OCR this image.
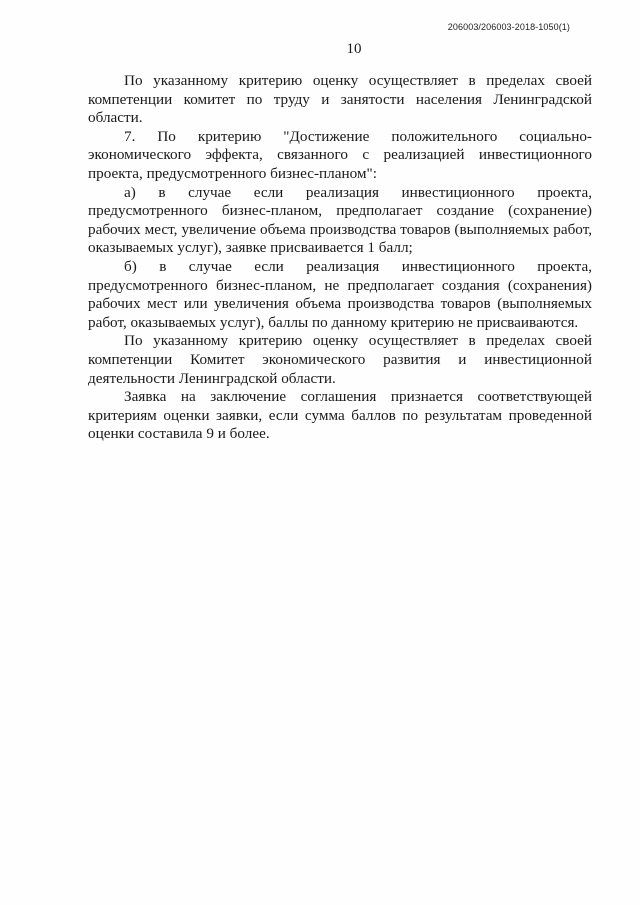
206003/206003-2018-1050(1)
10

По указанному критерию оценку осуществляет в пределах своей компетенции комитет по труду и занятости населения Ленинградской области.

7. По критерию "Достижение положительного социально-экономического эффекта, связанного с реализацией инвестиционного проекта, предусмотренного бизнес-планом":

а) в случае если реализация инвестиционного проекта, предусмотренного бизнес-планом, предполагает создание (сохранение) рабочих мест, увеличение объема производства товаров (выполняемых работ, оказываемых услуг), заявке присваивается 1 балл;

б) в случае если реализация инвестиционного проекта, предусмотренного бизнес-планом, не предполагает создания (сохранения) рабочих мест или увеличения объема производства товаров (выполняемых работ, оказываемых услуг), баллы по данному критерию не присваиваются.

По указанному критерию оценку осуществляет в пределах своей компетенции Комитет экономического развития и инвестиционной деятельности Ленинградской области.

Заявка на заключение соглашения признается соответствующей критериям оценки заявки, если сумма баллов по результатам проведенной оценки составила 9 и более.
